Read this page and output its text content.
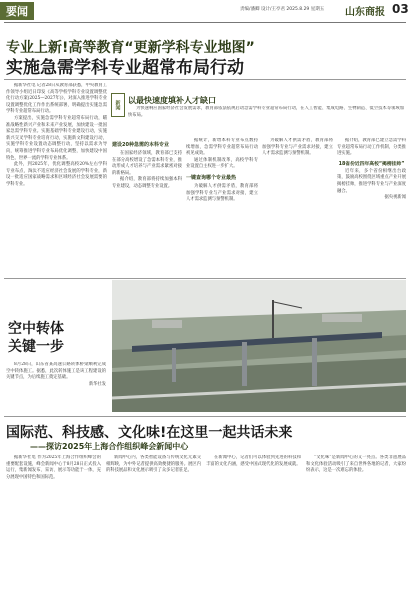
要闻	责编/潘卿 设计/王亭君 2025.8.29 星期五 山东商报 03
专业上新!高等教育“更新学科专业地图”
实施急需学科专业超常布局行动

据新华社电 记者28日从教育部获悉，中央教育工作领导小组近日印发《高等学校学科专业设置调整优化行动方案(2025—2027年)》，对深入推进学科专业设置调整优化工作作出系统部署，明确提出实施急需学科专业超常布局行动。

方案提出，实施急需学科专业超常布局行动，瞄准战略性新兴产业和未来产业发展，加快建设一批国家急需学科专业。实施基础学科专业建设行动，实施新兴交叉学科专业培育行动，实施新文科建设行动，实施学科专业设置动态调整行动，坚持以需求为导向，统筹推进学科专业布局优化调整，加快建设中国特色、世界一流的学科专业体系。

此外，到2025年，优化调整高校20%左右学科专业布点，淘汰不适应经济社会发展的学科专业，新设一批适应国家战略需求和区域经济社会发展需要的学科专业。

新闻 以最快速度填补人才缺口

为快速响应国家经济社会发展需求，教育部依法依规启动急需学科专业超常布局行动，在人工智能、集成电路、生物制造、低空技术等领域加快布局。

建设20种急需的本科专业

在国家经济领域，教育部已支持在部分高校增设了急需本科专业，推动形成人才培养与产业需求紧密对接的新格局。

据介绍，教育部将持续加强本科专业建设，动态调整专业设置。

据统计，新增本科专业布点数持续增加，急需学科专业超常布局行动初见成效。

通过体制机制改革，高校学科专业设置自主权进一步扩大。

一键查询哪个专业最热

为破解人才供需矛盾，教育部将加强学科专业与产业需求对接，建立人才需求监测与预警机制。

为破解人才供需矛盾，教育部将加强学科专业与产业需求对接，建立人才需求监测与预警机制。

据介绍，教育部已建立急需学科专业超常布局行动工作机制，分类推进实施。

18省份近四年高校“揭榜挂帅”

近年来，多个省份相继出台政策，鼓励高校围绕区域重点产业开展揭榜挂帅，推进学科专业与产业深度融合。

据央视新闻

空中转体
关键一步

8月28日，山东省某高速公路转体桥梁顺利完成空中转体施工。据悉，此次转体施工是该工程建设的关键节点，为后续施工奠定基础。

新华社发

国际范、科技感、文化味!在这里一起共话未来
——探访2025年上海合作组织峰会新闻中心

据新华社电 作为2025年上海合作组织峰会的重要配套设施，峰会新闻中心于8月28日正式投入运行，集新闻发布、采访、展示等功能于一体，充分展现中国特色和国际范。

新闻中心内，各类智能设备与传统文化元素交相辉映，为中外记者提供高效便捷的服务。展区内的科技展品和文化展示吸引了众多记者驻足。

在新闻中心，记者们可以体验到先进的科技和丰富的文化内涵，感受中国式现代化的发展成就。

“文化味”是新闻中心的又一亮点。各类非遗展品和文化体验活动吸引了来自世界各地的记者，大家纷纷表示，这是一次难忘的体验。
